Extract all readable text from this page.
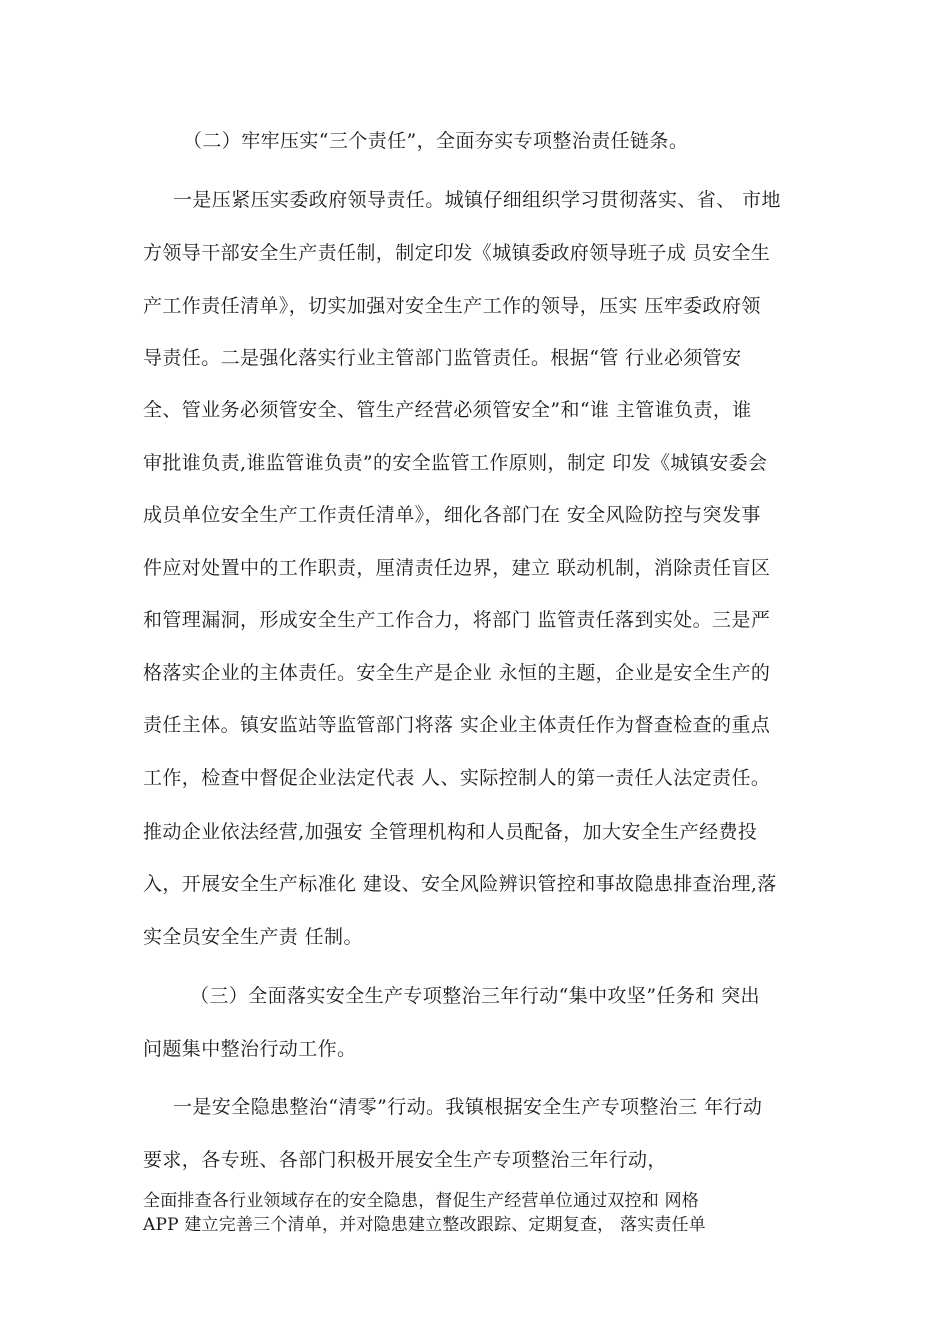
（二）牢牢压实“三个责任”，全面夯实专项整治责任链条。
一是压紧压实委政府领导责任。城镇仔细组织学习贯彻落实、省、 市地
方领导干部安全生产责任制，制定印发《城镇委政府领导班子成 员安全生
产工作责任清单》，切实加强对安全生产工作的领导，压实 压牢委政府领
导责任。二是强化落实行业主管部门监管责任。根据“管 行业必须管安
全、管业务必须管安全、管生产经营必须管安全”和“谁 主管谁负责，谁
审批谁负责,谁监管谁负责”的安全监管工作原则，制定 印发《城镇安委会
成员单位安全生产工作责任清单》，细化各部门在 安全风险防控与突发事
件应对处置中的工作职责，厘清责任边界，建立 联动机制，消除责任盲区
和管理漏洞，形成安全生产工作合力，将部门 监管责任落到实处。三是严
格落实企业的主体责任。安全生产是企业 永恒的主题，企业是安全生产的
责任主体。镇安监站等监管部门将落 实企业主体责任作为督查检查的重点
工作，检查中督促企业法定代表 人、实际控制人的第一责任人法定责任。
推动企业依法经营,加强安 全管理机构和人员配备，加大安全生产经费投
入，开展安全生产标准化 建设、安全风险辨识管控和事故隐患排查治理,落
实全员安全生产责 任制。
（三）全面落实安全生产专项整治三年行动“集中攻坚”任务和 突出
问题集中整治行动工作。
一是安全隐患整治“清零”行动。我镇根据安全生产专项整治三 年行动
要求，各专班、各部门积极开展安全生产专项整治三年行动，
全面排查各行业领域存在的安全隐患，督促生产经营单位通过双控和 网格
APP 建立完善三个清单，并对隐患建立整改跟踪、定期复查， 落实责任单
